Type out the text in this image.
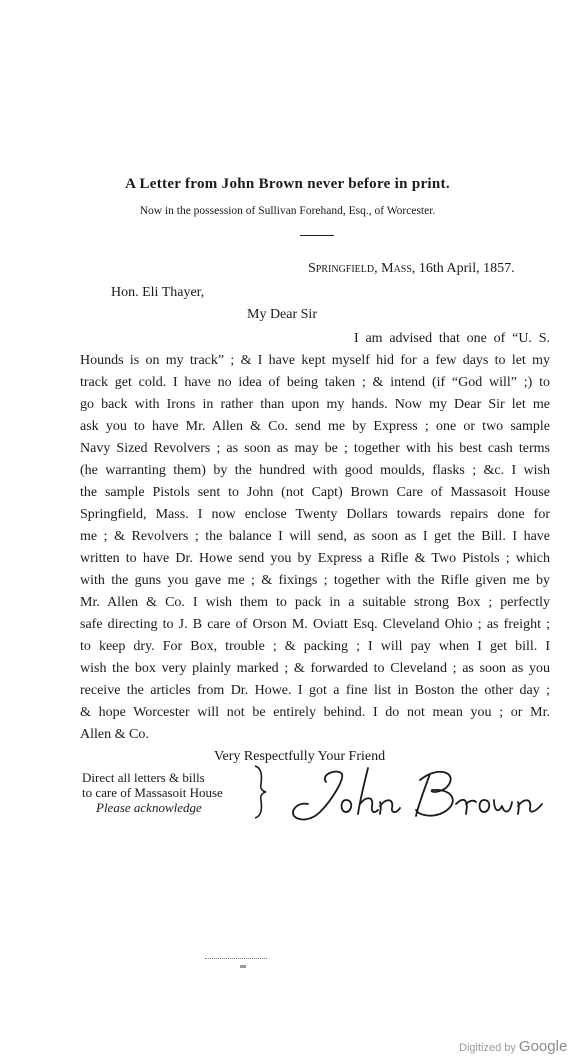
A Letter from John Brown never before in print.
Now in the possession of Sullivan Forehand, Esq., of Worcester.
Springfield, Mass, 16th April, 1857.
Hon. Eli Thayer,
My Dear Sir
I am advised that one of “U. S.
Hounds is on my track” ; & I have kept myself hid for a few days to let my
track get cold. I have no idea of being taken ; & intend (if “God will” ;) to
go back with Irons in rather than upon my hands. Now my Dear Sir let me
ask you to have Mr. Allen & Co. send me by Express ; one or two sample
Navy Sized Revolvers ; as soon as may be ; together with his best cash terms
(he warranting them) by the hundred with good moulds, flasks ; &c. I wish
the sample Pistols sent to John (not Capt) Brown Care of Massasoit House
Springfield, Mass. I now enclose Twenty Dollars towards repairs done for
me ; & Revolvers ; the balance I will send, as soon as I get the Bill. I have
written to have Dr. Howe send you by Express a Rifle & Two Pistols ; which
with the guns you gave me ; & fixings ; together with the Rifle given me by
Mr. Allen & Co. I wish them to pack in a suitable strong Box ; perfectly
safe directing to J. B care of Orson M. Oviatt Esq. Cleveland Ohio ; as freight ;
to keep dry. For Box, trouble ; & packing ; I will pay when I get bill. I
wish the box very plainly marked ; & forwarded to Cleveland ; as soon as you
receive the articles from Dr. Howe. I got a fine list in Boston the other day ;
& hope Worcester will not be entirely behind. I do not mean you ; or Mr.
Allen & Co.
Very Respectfully Your Friend
Direct all letters & bills
to care of Massasoit House
Please acknowledge
Digitized by Google
